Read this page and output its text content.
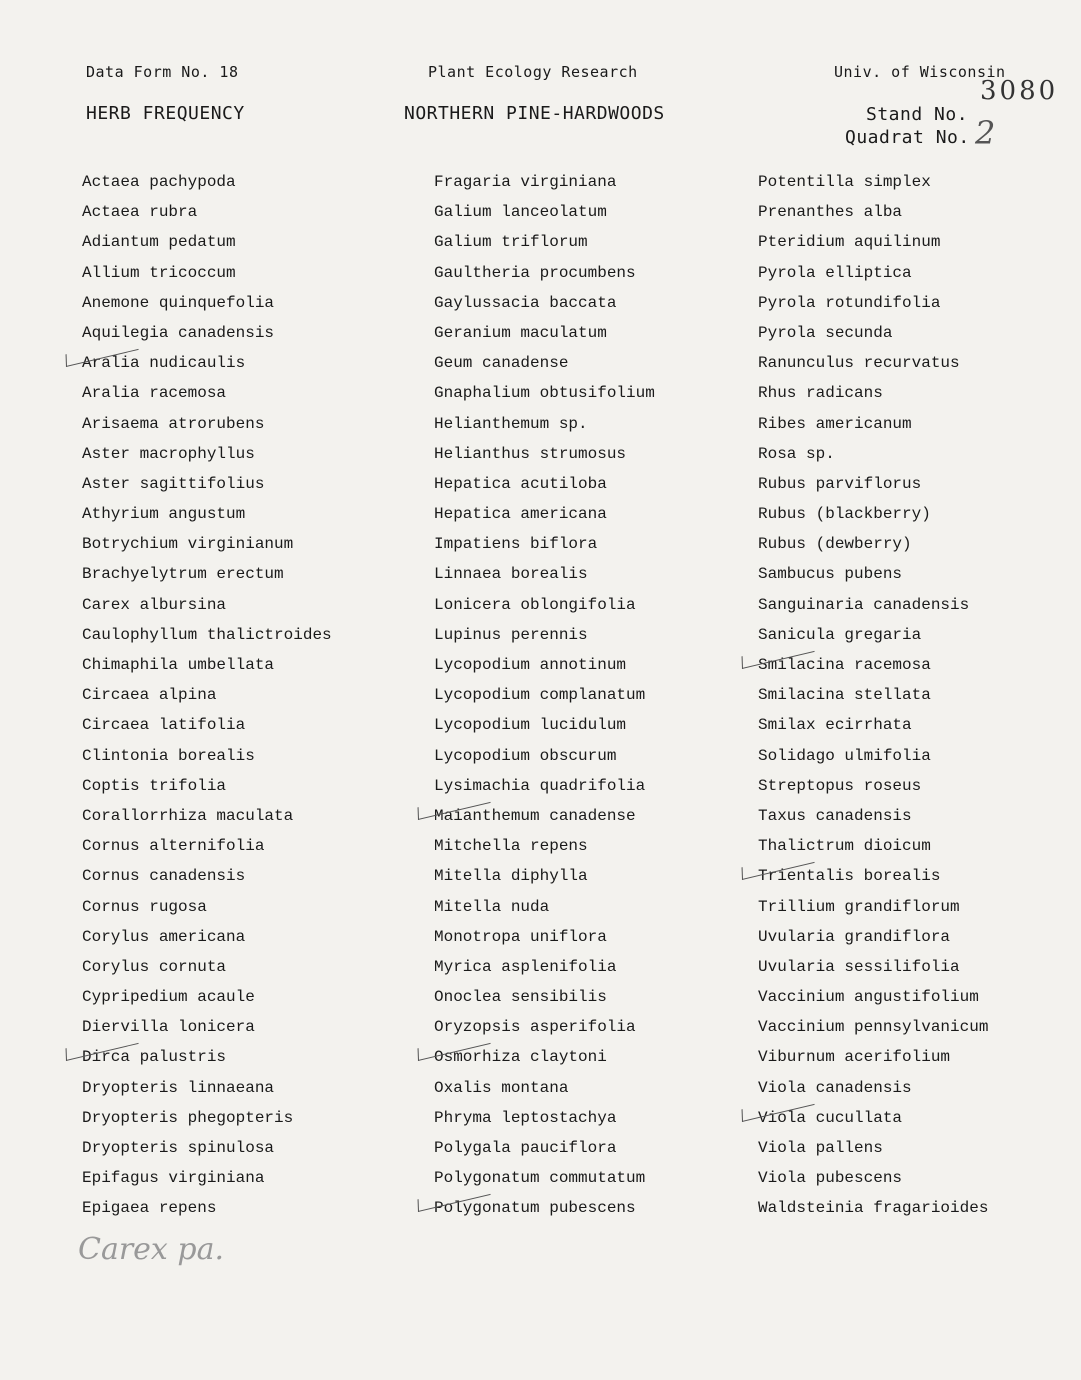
Data Form No. 18	Plant Ecology Research	Univ. of Wisconsin
HERB FREQUENCY	NORTHERN PINE-HARDWOODS	Stand No.
3080
Quadrat No. 2
Actaea pachypoda
Actaea rubra
Adiantum pedatum
Allium tricoccum
Anemone quinquefolia
Aquilegia canadensis
Aralia nudicaulis
Aralia racemosa
Arisaema atrorubens
Aster macrophyllus
Aster sagittifolius
Athyrium angustum
Botrychium virginianum
Brachyelytrum erectum
Carex albursina
Caulophyllum thalictroides
Chimaphila umbellata
Circaea alpina
Circaea latifolia
Clintonia borealis
Coptis trifolia
Corallorrhiza maculata
Cornus alternifolia
Cornus canadensis
Cornus rugosa
Corylus americana
Corylus cornuta
Cypripedium acaule
Diervilla lonicera
Dirca palustris
Dryopteris linnaeana
Dryopteris phegopteris
Dryopteris spinulosa
Epifagus virginiana
Epigaea repens
Fragaria virginiana
Galium lanceolatum
Galium triflorum
Gaultheria procumbens
Gaylussacia baccata
Geranium maculatum
Geum canadense
Gnaphalium obtusifolium
Helianthemum sp.
Helianthus strumosus
Hepatica acutiloba
Hepatica americana
Impatiens biflora
Linnaea borealis
Lonicera oblongifolia
Lupinus perennis
Lycopodium annotinum
Lycopodium complanatum
Lycopodium lucidulum
Lycopodium obscurum
Lysimachia quadrifolia
Maianthemum canadense
Mitchella repens
Mitella diphylla
Mitella nuda
Monotropa uniflora
Myrica asplenifolia
Onoclea sensibilis
Oryzopsis asperifolia
Osmorhiza claytoni
Oxalis montana
Phryma leptostachya
Polygala pauciflora
Polygonatum commutatum
Polygonatum pubescens
Potentilla simplex
Prenanthes alba
Pteridium aquilinum
Pyrola elliptica
Pyrola rotundifolia
Pyrola secunda
Ranunculus recurvatus
Rhus radicans
Ribes americanum
Rosa sp.
Rubus parviflorus
Rubus (blackberry)
Rubus (dewberry)
Sambucus pubens
Sanguinaria canadensis
Sanicula gregaria
Smilacina racemosa
Smilacina stellata
Smilax ecirrhata
Solidago ulmifolia
Streptopus roseus
Taxus canadensis
Thalictrum dioicum
Trientalis borealis
Trillium grandiflorum
Uvularia grandiflora
Uvularia sessilifolia
Vaccinium angustifolium
Vaccinium pennsylvanicum
Viburnum acerifolium
Viola canadensis
Viola cucullata
Viola pallens
Viola pubescens
Waldsteinia fragarioides
Carex pa.
